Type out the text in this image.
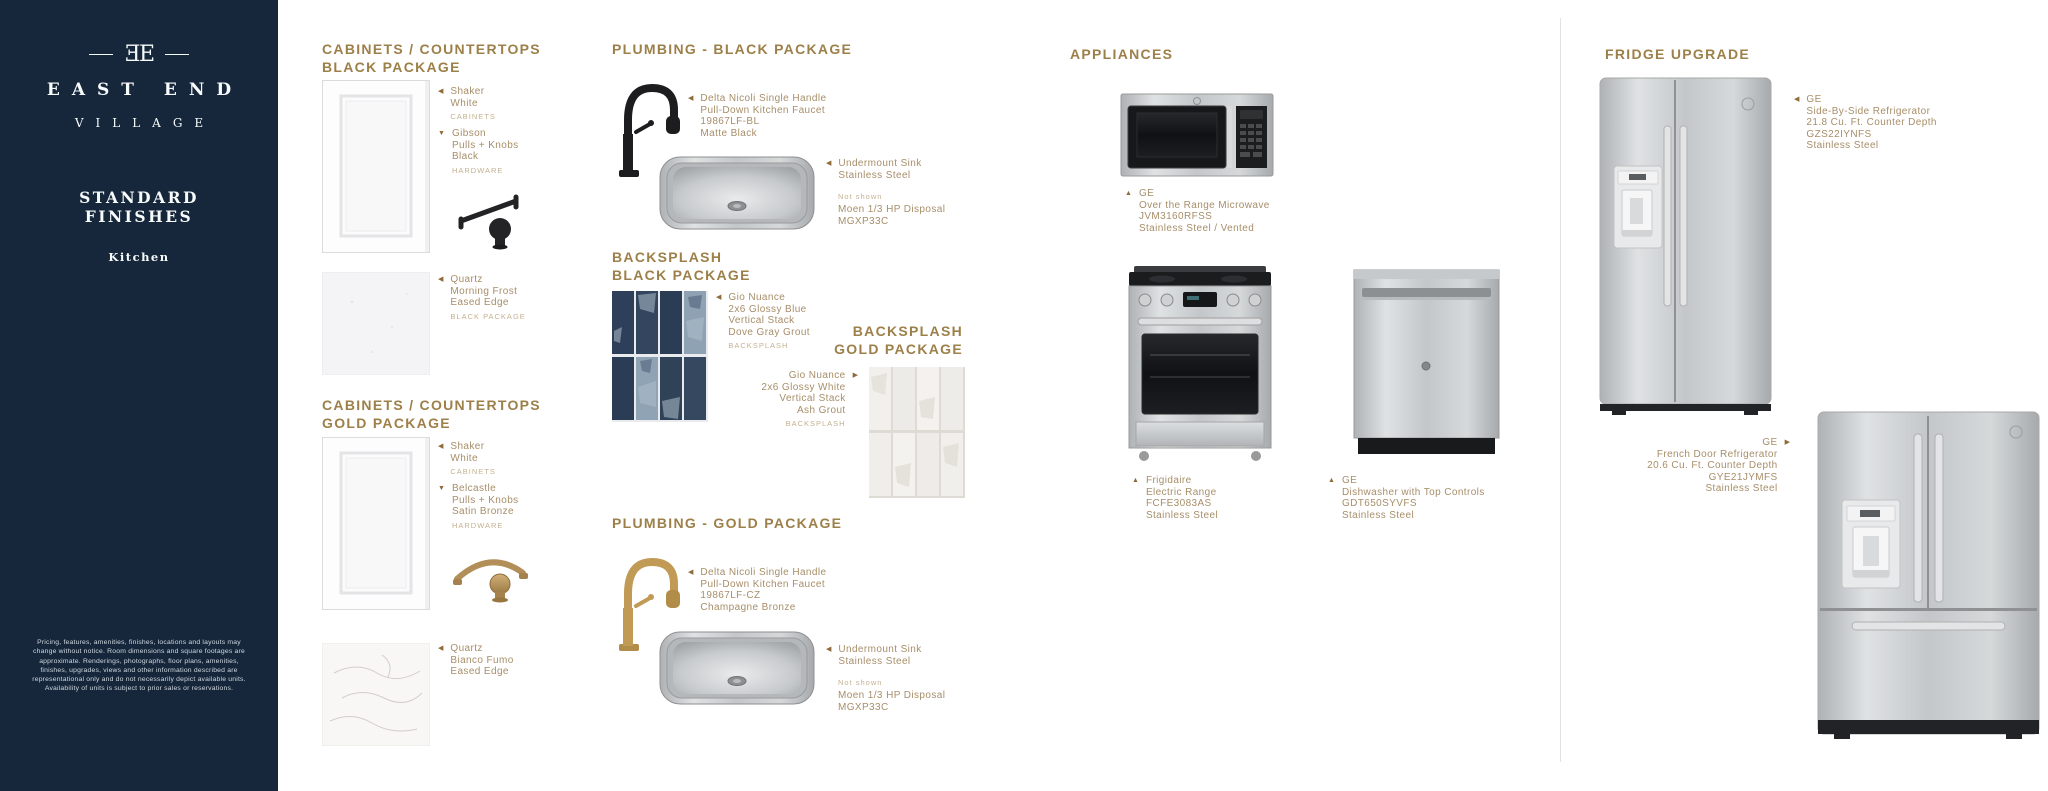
ƎE
EAST END
VILLAGE
STANDARD
FINISHES
Kitchen
Pricing, features, amenities, finishes, locations and layouts may change without notice. Room dimensions and square footages are approximate. Renderings, photographs, floor plans, amenities, finishes, upgrades, views and other information described are representational only and do not necessarily depict available units. Availability of units is subject to prior sales or reservations.
CABINETS / COUNTERTOPS
BLACK PACKAGE
◀ Shaker
White
CABINETS
▼ Gibson
Pulls + Knobs
Black
HARDWARE
◀ Quartz
Morning Frost
Eased Edge
BLACK PACKAGE
CABINETS / COUNTERTOPS
GOLD PACKAGE
◀ Shaker
White
CABINETS
▼ Belcastle
Pulls + Knobs
Satin Bronze
HARDWARE
◀ Quartz
Bianco Fumo
Eased Edge
PLUMBING - BLACK PACKAGE
◀ Delta Nicoli Single Handle
Pull-Down Kitchen Faucet
19867LF-BL
Matte Black
◀ Undermount Sink
Stainless Steel
Not shown
Moen 1/3 HP Disposal
MGXP33C
BACKSPLASH
BLACK PACKAGE
◀ Gio Nuance
2x6 Glossy Blue
Vertical Stack
Dove Gray Grout
BACKSPLASH
BACKSPLASH
GOLD PACKAGE
Gio Nuance
2x6 Glossy White
Vertical Stack
Ash Grout
BACKSPLASH
▶
PLUMBING - GOLD PACKAGE
◀ Delta Nicoli Single Handle
Pull-Down Kitchen Faucet
19867LF-CZ
Champagne Bronze
◀ Undermount Sink
Stainless Steel
Not shown
Moen 1/3 HP Disposal
MGXP33C
APPLIANCES
▲ GE
Over the Range Microwave
JVM3160RFSS
Stainless Steel / Vented
▲ Frigidaire
Electric Range
FCFE3083AS
Stainless Steel
▲ GE
Dishwasher with Top Controls
GDT650SYVFS
Stainless Steel
FRIDGE UPGRADE
◀ GE
Side-By-Side Refrigerator
21.8 Cu. Ft. Counter Depth
GZS22IYNFS
Stainless Steel
GE
French Door Refrigerator
20.6 Cu. Ft. Counter Depth
GYE21JYMFS
Stainless Steel
▶
